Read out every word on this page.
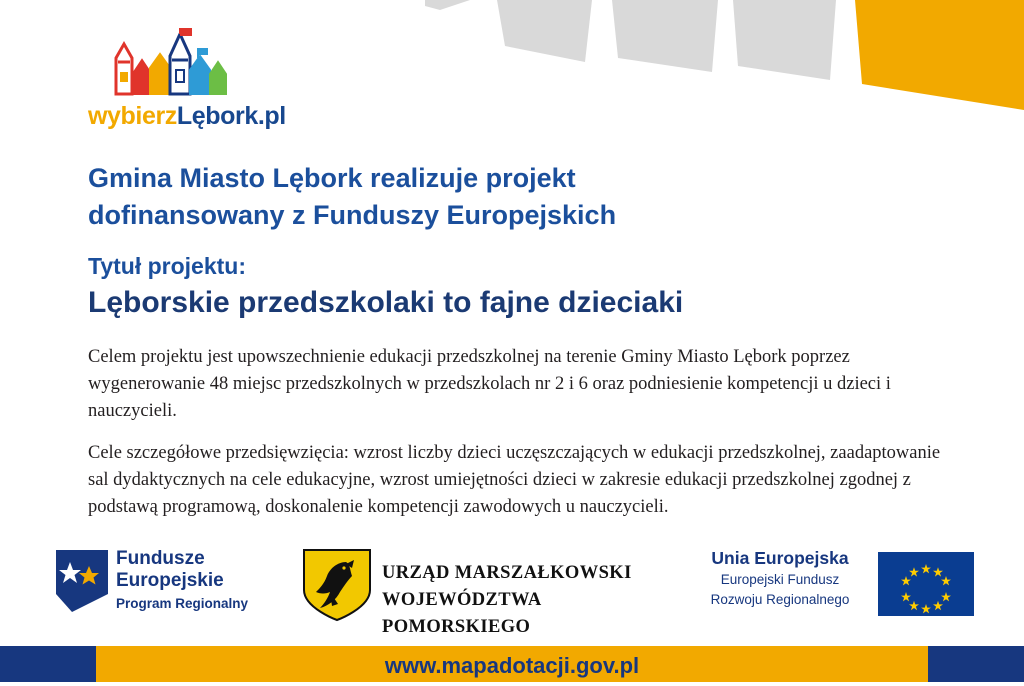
wybierzLębork.pl
Gmina Miasto Lębork realizuje projekt
dofinansowany z Funduszy Europejskich
Tytuł projektu:
Lęborskie przedszkolaki to fajne dzieciaki

Celem projektu jest upowszechnienie edukacji przedszkolnej na terenie Gminy Miasto Lębork poprzez wygenerowanie 48 miejsc przedszkolnych w przedszkolach nr 2 i 6 oraz podniesienie kompetencji u dzieci i nauczycieli.

Cele szczegółowe przedsięwzięcia: wzrost liczby dzieci uczęszczających w edukacji przedszkolnej, zaadaptowanie sal dydaktycznych na cele edukacyjne, wzrost umiejętności dzieci w zakresie edukacji przedszkolnej zgodnej z podstawą programową, doskonalenie kompetencji zawodowych u nauczycieli.

Fundusze
Europejskie
Program Regionalny
URZĄD MARSZAŁKOWSKI
WOJEWÓDZTWA POMORSKIEGO
Unia Europejska
Europejski Fundusz
Rozwoju Regionalnego
www.mapadotacji.gov.pl
